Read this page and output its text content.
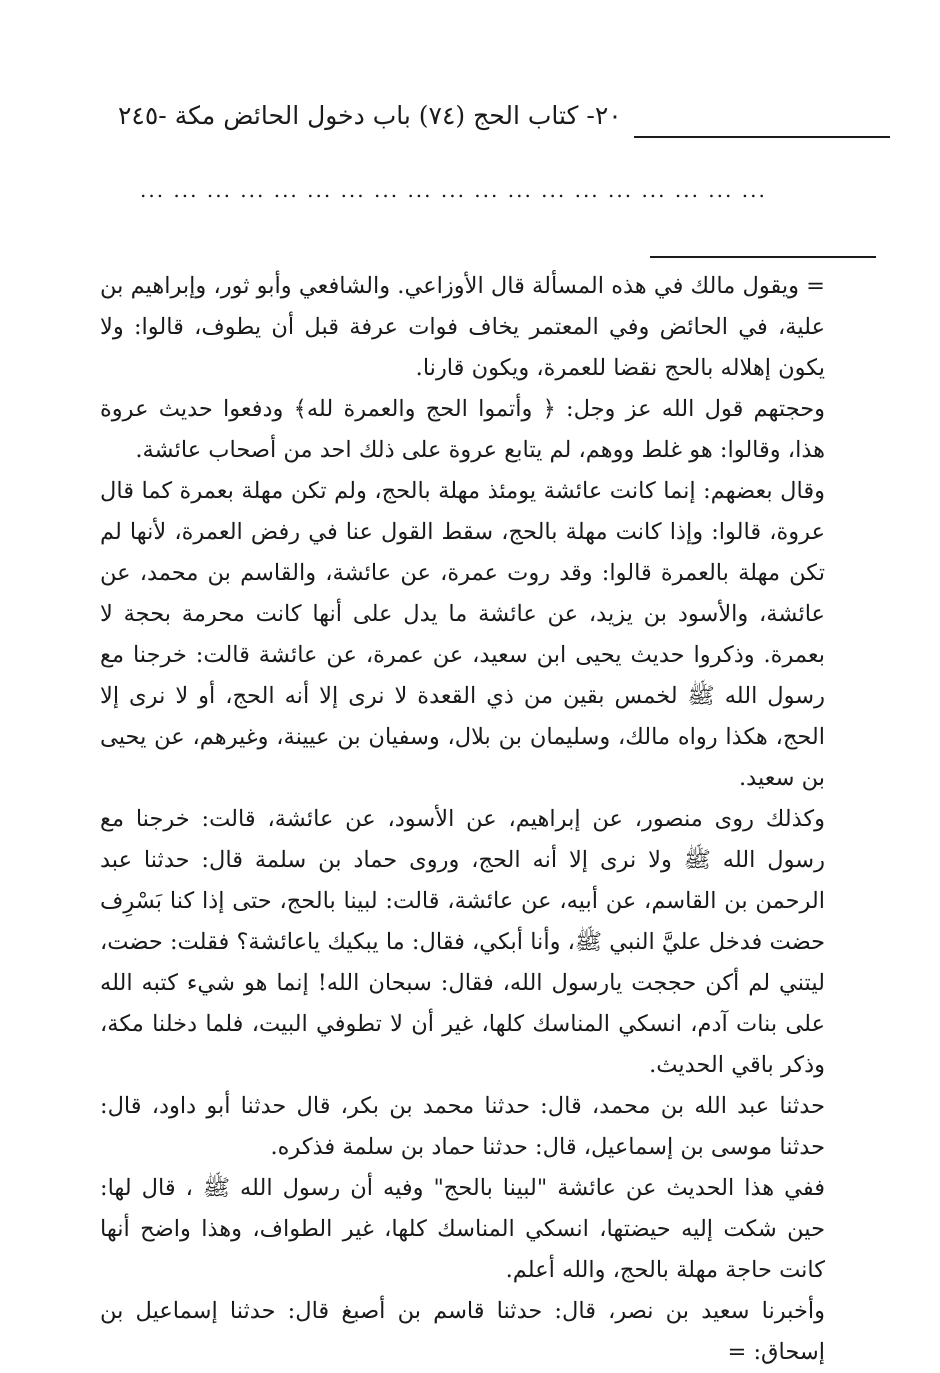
٢٠- كتاب الحج (٧٤) باب دخول الحائض مكة -٢٤٥
... ... ... ... ... ... ... ... ... ... ... ... ... ... ... ... ... ... ...

= ويقول مالك في هذه المسألة قال الأوزاعي. والشافعي وأبو ثور، وإبراهيم بن علية، في الحائض وفي المعتمر يخاف فوات عرفة قبل أن يطوف، قالوا: ولا يكون إهلاله بالحج نقضا للعمرة، ويكون قارنا.

وحجتهم قول الله عز وجل: ﴿ وأتموا الحج والعمرة لله﴾ ودفعوا حديث عروة هذا، وقالوا: هو غلط ووهم، لم يتابع عروة على ذلك احد من أصحاب عائشة.

وقال بعضهم: إنما كانت عائشة يومئذ مهلة بالحج، ولم تكن مهلة بعمرة كما قال عروة، قالوا: وإذا كانت مهلة بالحج، سقط القول عنا في رفض العمرة، لأنها لم تكن مهلة بالعمرة قالوا: وقد روت عمرة، عن عائشة، والقاسم بن محمد، عن عائشة، والأسود بن يزيد، عن عائشة ما يدل على أنها كانت محرمة بحجة لا بعمرة. وذكروا حديث يحيى ابن سعيد، عن عمرة، عن عائشة قالت: خرجنا مع رسول الله ﷺ لخمس بقين من ذي القعدة لا نرى إلا أنه الحج، أو لا نرى إلا الحج، هكذا رواه مالك، وسليمان بن بلال، وسفيان بن عيينة، وغيرهم، عن يحيى بن سعيد.

وكذلك روى منصور، عن إبراهيم، عن الأسود، عن عائشة، قالت: خرجنا مع رسول الله ﷺ ولا نرى إلا أنه الحج، وروى حماد بن سلمة قال: حدثنا عبد الرحمن بن القاسم، عن أبيه، عن عائشة، قالت: لبينا بالحج، حتى إذا كنا بَسْرِف حضت فدخل عليَّ النبي ﷺ، وأنا أبكي، فقال: ما يبكيك ياعائشة؟ فقلت: حضت، ليتني لم أكن حججت يارسول الله، فقال: سبحان الله! إنما هو شيء كتبه الله على بنات آدم، انسكي المناسك كلها، غير أن لا تطوفي البيت، فلما دخلنا مكة، وذكر باقي الحديث.

حدثنا عبد الله بن محمد، قال: حدثنا محمد بن بكر، قال حدثنا أبو داود، قال: حدثنا موسى بن إسماعيل، قال: حدثنا حماد بن سلمة فذكره.

ففي هذا الحديث عن عائشة "لبينا بالحج" وفيه أن رسول الله ﷺ ، قال لها: حين شكت إليه حيضتها، انسكي المناسك كلها، غير الطواف، وهذا واضح أنها كانت حاجة مهلة بالحج، والله أعلم.

وأخبرنا سعيد بن نصر، قال: حدثنا قاسم بن أصبغ قال: حدثنا إسماعيل بن إسحاق: =
